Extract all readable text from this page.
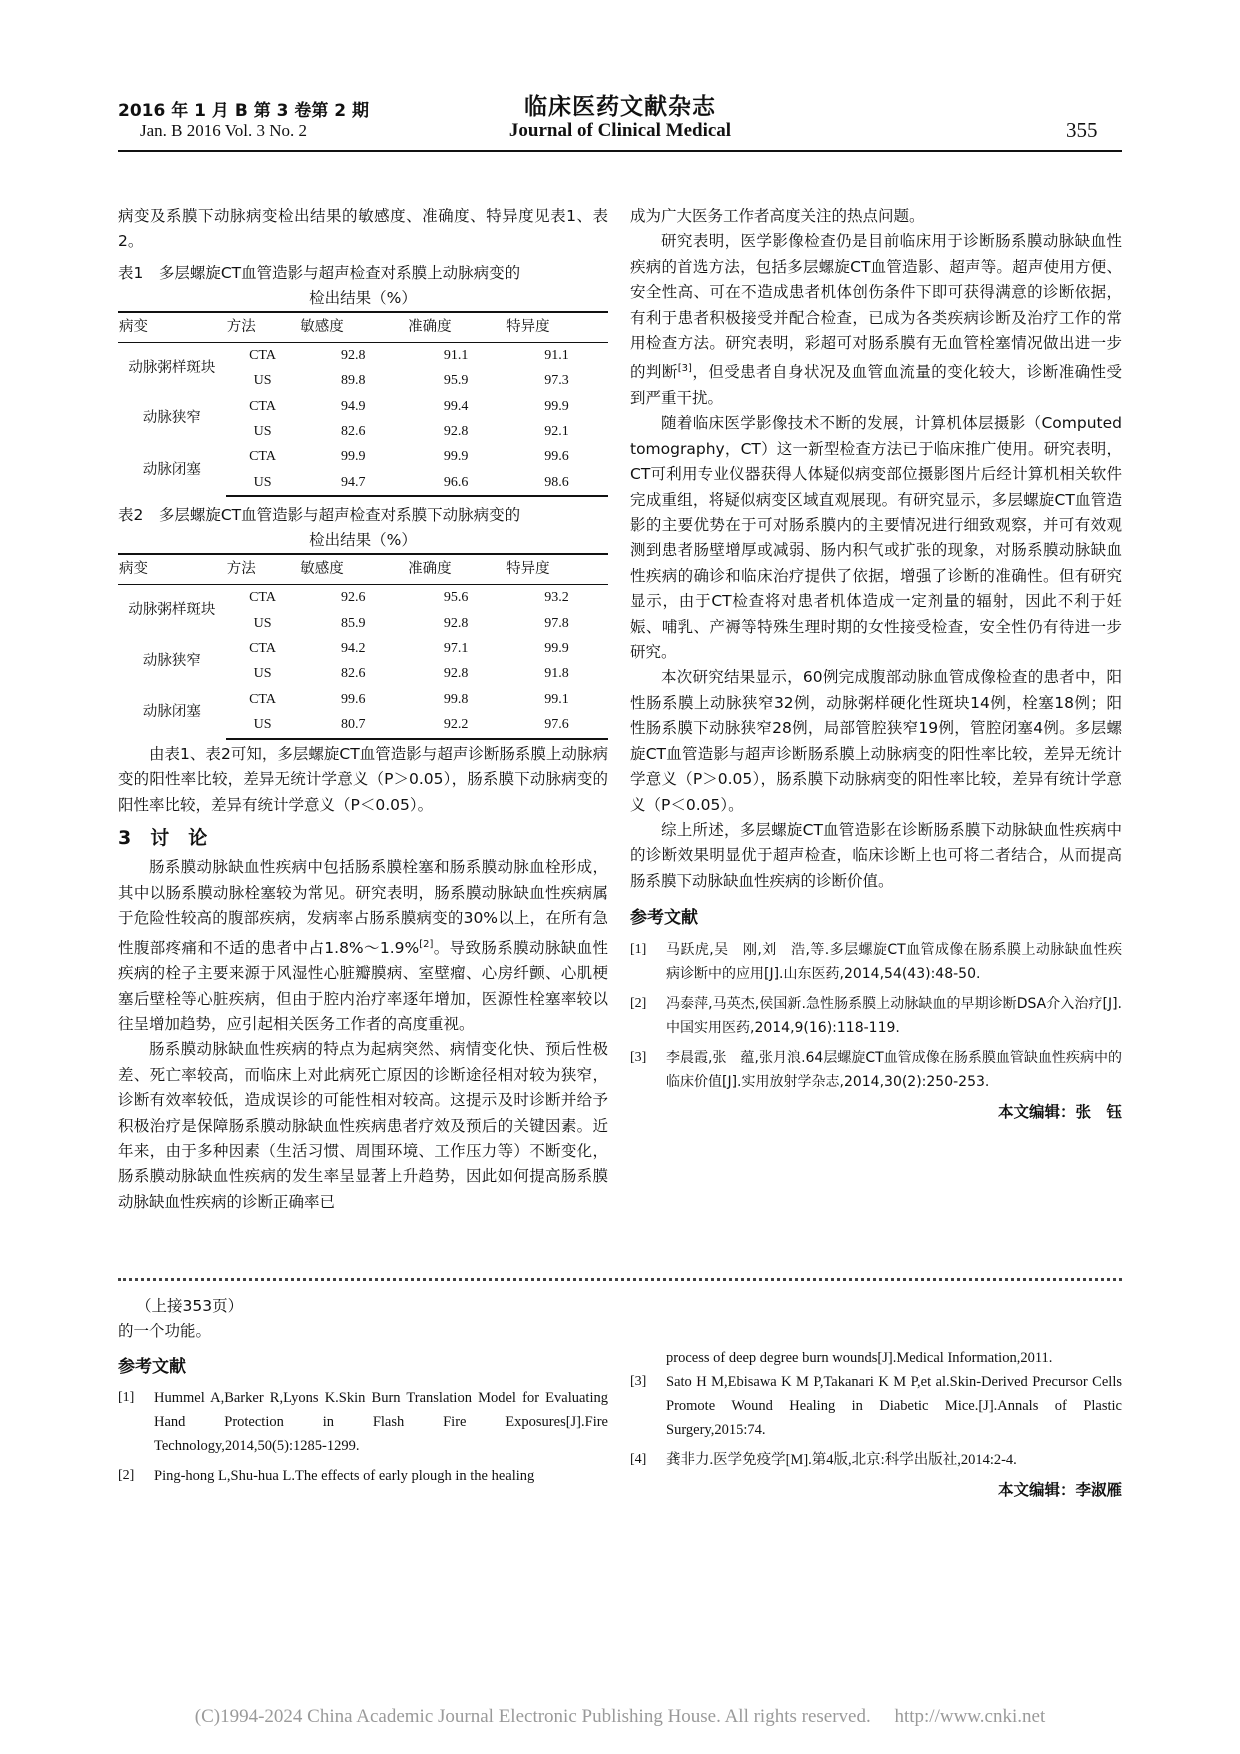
2016 年 1 月 B 第 3 卷第 2 期
Jan. B 2016 Vol. 3 No. 2
临床医药文献杂志
Journal of Clinical Medical	355

病变及系膜下动脉病变检出结果的敏感度、准确度、特异度见表1、表2。

表1　多层螺旋CT血管造影与超声检查对系膜上动脉病变的
检出结果（%）
病变	方法	敏感度	准确度	特异度
动脉粥样斑块	CTA	92.8	91.1	91.1
	US	89.8	95.9	97.3
动脉狭窄	CTA	94.9	99.4	99.9
	US	82.6	92.8	92.1
动脉闭塞	CTA	99.9	99.9	99.6
	US	94.7	96.6	98.6
表2　多层螺旋CT血管造影与超声检查对系膜下动脉病变的
检出结果（%）
病变	方法	敏感度	准确度	特异度
动脉粥样斑块	CTA	92.6	95.6	93.2
	US	85.9	92.8	97.8
动脉狭窄	CTA	94.2	97.1	99.9
	US	82.6	92.8	91.8
动脉闭塞	CTA	99.6	99.8	99.1
	US	80.7	92.2	97.6

由表1、表2可知，多层螺旋CT血管造影与超声诊断肠系膜上动脉病变的阳性率比较，差异无统计学意义（P＞0.05），肠系膜下动脉病变的阳性率比较，差异有统计学意义（P＜0.05）。

3　讨　论

肠系膜动脉缺血性疾病中包括肠系膜栓塞和肠系膜动脉血栓形成，其中以肠系膜动脉栓塞较为常见。研究表明，肠系膜动脉缺血性疾病属于危险性较高的腹部疾病，发病率占肠系膜病变的30%以上，在所有急性腹部疼痛和不适的患者中占1.8%～1.9%[2]。导致肠系膜动脉缺血性疾病的栓子主要来源于风湿性心脏瓣膜病、室壁瘤、心房纤颤、心肌梗塞后壁栓等心脏疾病，但由于腔内治疗率逐年增加，医源性栓塞率较以往呈增加趋势，应引起相关医务工作者的高度重视。

肠系膜动脉缺血性疾病的特点为起病突然、病情变化快、预后性极差、死亡率较高，而临床上对此病死亡原因的诊断途径相对较为狭窄，诊断有效率较低，造成误诊的可能性相对较高。这提示及时诊断并给予积极治疗是保障肠系膜动脉缺血性疾病患者疗效及预后的关键因素。近年来，由于多种因素（生活习惯、周围环境、工作压力等）不断变化，肠系膜动脉缺血性疾病的发生率呈显著上升趋势，因此如何提高肠系膜动脉缺血性疾病的诊断正确率已

成为广大医务工作者高度关注的热点问题。

研究表明，医学影像检查仍是目前临床用于诊断肠系膜动脉缺血性疾病的首选方法，包括多层螺旋CT血管造影、超声等。超声使用方便、安全性高、可在不造成患者机体创伤条件下即可获得满意的诊断依据，有利于患者积极接受并配合检查，已成为各类疾病诊断及治疗工作的常用检查方法。研究表明，彩超可对肠系膜有无血管栓塞情况做出进一步的判断[3]，但受患者自身状况及血管血流量的变化较大，诊断准确性受到严重干扰。

随着临床医学影像技术不断的发展，计算机体层摄影（Computed tomography，CT）这一新型检查方法已于临床推广使用。研究表明，CT可利用专业仪器获得人体疑似病变部位摄影图片后经计算机相关软件完成重组，将疑似病变区域直观展现。有研究显示，多层螺旋CT血管造影的主要优势在于可对肠系膜内的主要情况进行细致观察，并可有效观测到患者肠壁增厚或减弱、肠内积气或扩张的现象，对肠系膜动脉缺血性疾病的确诊和临床治疗提供了依据，增强了诊断的准确性。但有研究显示，由于CT检查将对患者机体造成一定剂量的辐射，因此不利于妊娠、哺乳、产褥等特殊生理时期的女性接受检查，安全性仍有待进一步研究。

本次研究结果显示，60例完成腹部动脉血管成像检查的患者中，阳性肠系膜上动脉狭窄32例，动脉粥样硬化性斑块14例，栓塞18例；阳性肠系膜下动脉狭窄28例，局部管腔狭窄19例，管腔闭塞4例。多层螺旋CT血管造影与超声诊断肠系膜上动脉病变的阳性率比较，差异无统计学意义（P＞0.05），肠系膜下动脉病变的阳性率比较，差异有统计学意义（P＜0.05）。

综上所述，多层螺旋CT血管造影在诊断肠系膜下动脉缺血性疾病中的诊断效果明显优于超声检查，临床诊断上也可将二者结合，从而提高肠系膜下动脉缺血性疾病的诊断价值。

参考文献
[1]	马跃虎,吴　刚,刘　浩,等.多层螺旋CT血管成像在肠系膜上动脉缺血性疾病诊断中的应用[J].山东医药,2014,54(43):48-50.
[2]	冯泰萍,马英杰,侯国新.急性肠系膜上动脉缺血的早期诊断DSA介入治疗[J].中国实用医药,2014,9(16):118-119.
[3]	李晨霞,张　蕴,张月浪.64层螺旋CT血管成像在肠系膜血管缺血性疾病中的临床价值[J].实用放射学杂志,2014,30(2):250-253.
本文编辑：张　钰

（上接353页）

的一个功能。

参考文献
[1]	Hummel A,Barker R,Lyons K.Skin Burn Translation Model for Evaluating Hand Protection in Flash Fire Exposures[J].Fire Technology,2014,50(5):1285-1299.
[2]	Ping-hong L,Shu-hua L.The effects of early plough in the healing
process of deep degree burn wounds[J].Medical Information,2011.
[3]	Sato H M,Ebisawa K M P,Takanari K M P,et al.Skin-Derived Precursor Cells Promote Wound Healing in Diabetic Mice.[J].Annals of Plastic Surgery,2015:74.
[4]	龚非力.医学免疫学[M].第4版,北京:科学出版社,2014:2-4.
本文编辑：李淑雁
(C)1994-2024 China Academic Journal Electronic Publishing House. All rights reserved.　 http://www.cnki.net
